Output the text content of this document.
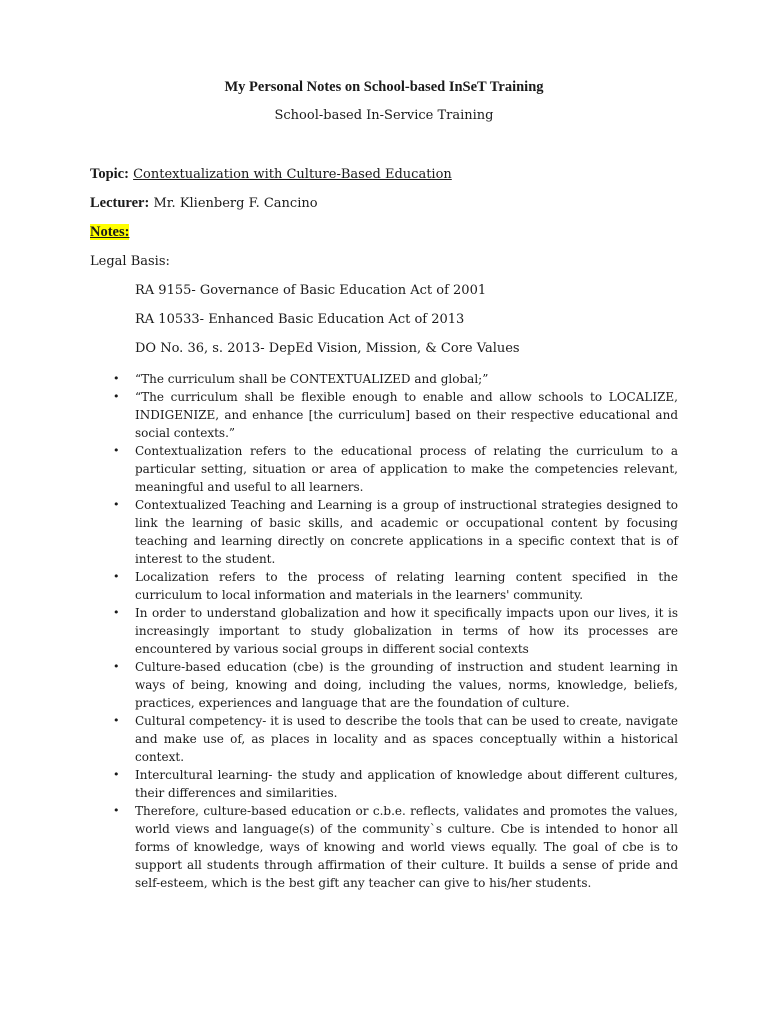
My Personal Notes on School-based InSeT Training
School-based In-Service Training
Topic: Contextualization with Culture-Based Education
Lecturer: Mr. Klienberg F. Cancino
Notes:
Legal Basis:
RA 9155- Governance of Basic Education Act of 2001
RA 10533- Enhanced Basic Education Act of 2013
DO No. 36, s. 2013- DepEd Vision, Mission, & Core Values
• “The curriculum shall be CONTEXTUALIZED and global;”
• “The curriculum shall be flexible enough to enable and allow schools to LOCALIZE, INDIGENIZE, and enhance [the curriculum] based on their respective educational and social contexts.”
• Contextualization refers to the educational process of relating the curriculum to a particular setting, situation or area of application to make the competencies relevant, meaningful and useful to all learners.
• Contextualized Teaching and Learning is a group of instructional strategies designed to link the learning of basic skills, and academic or occupational content by focusing teaching and learning directly on concrete applications in a specific context that is of interest to the student.
• Localization refers to the process of relating learning content specified in the curriculum to local information and materials in the learners' community.
• In order to understand globalization and how it specifically impacts upon our lives, it is increasingly important to study globalization in terms of how its processes are encountered by various social groups in different social contexts
• Culture-based education (cbe) is the grounding of instruction and student learning in ways of being, knowing and doing, including the values, norms, knowledge, beliefs, practices, experiences and language that are the foundation of culture.
• Cultural competency- it is used to describe the tools that can be used to create, navigate and make use of, as places in locality and as spaces conceptually within a historical context.
• Intercultural learning- the study and application of knowledge about different cultures, their differences and similarities.
• Therefore, culture-based education or c.b.e. reflects, validates and promotes the values, world views and language(s) of the community`s culture. Cbe is intended to honor all forms of knowledge, ways of knowing and world views equally. The goal of cbe is to support all students through affirmation of their culture. It builds a sense of pride and self-esteem, which is the best gift any teacher can give to his/her students.
